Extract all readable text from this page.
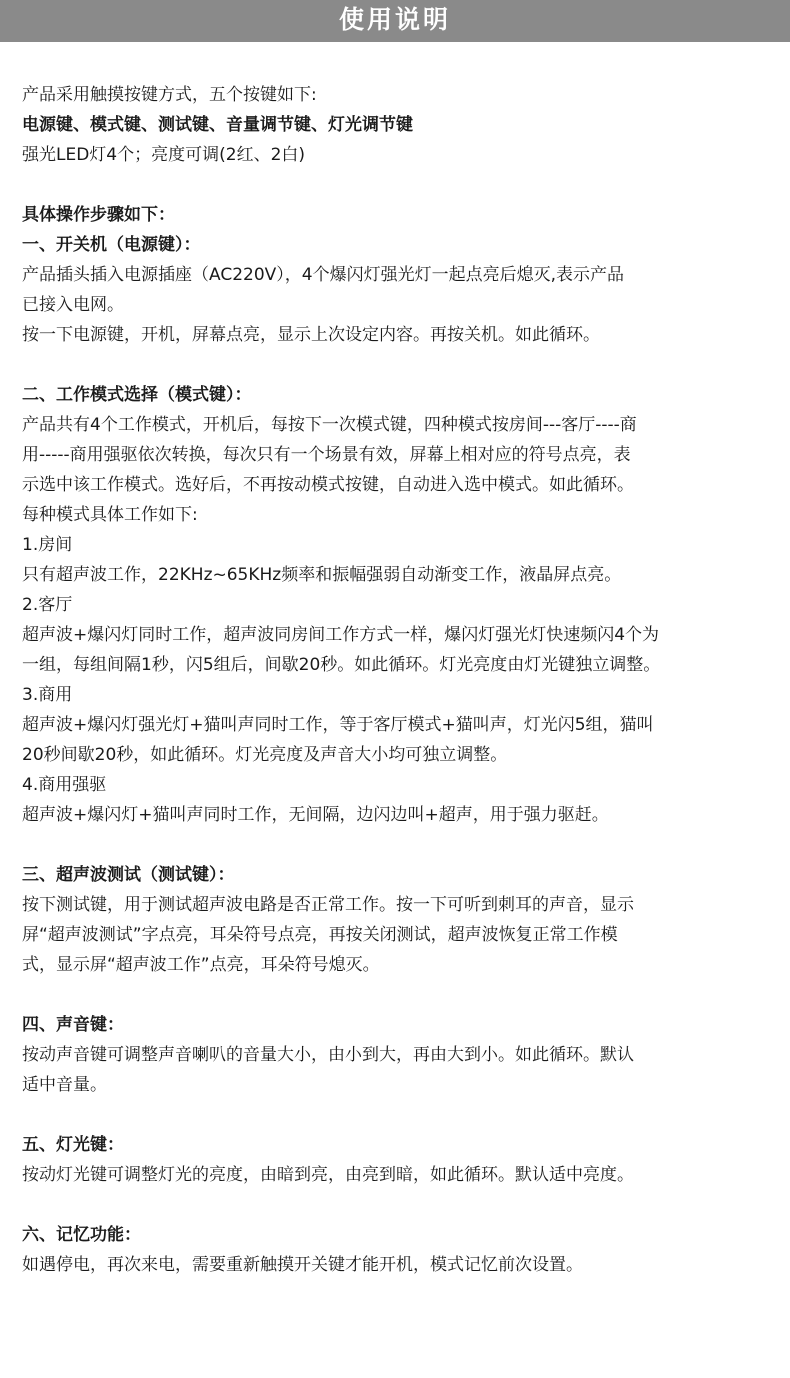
使用说明
产品采用触摸按键方式，五个按键如下:
电源键、模式键、测试键、音量调节键、灯光调节键
强光LED灯4个；亮度可调(2红、2白)
具体操作步骤如下：
一、开关机（电源键）：
产品插头插入电源插座（AC220V），4个爆闪灯强光灯一起点亮后熄灭,表示产品
已接入电网。
按一下电源键，开机，屏幕点亮，显示上次设定内容。再按关机。如此循环。
二、工作模式选择（模式键）：
产品共有4个工作模式，开机后，每按下一次模式键，四种模式按房间---客厅----商
用-----商用强驱依次转换，每次只有一个场景有效，屏幕上相对应的符号点亮，表
示选中该工作模式。选好后，不再按动模式按键，自动进入选中模式。如此循环。
每种模式具体工作如下:
1.房间
只有超声波工作，22KHz~65KHz频率和振幅强弱自动渐变工作，液晶屏点亮。
2.客厅
超声波+爆闪灯同时工作，超声波同房间工作方式一样，爆闪灯强光灯快速频闪4个为
一组，每组间隔1秒，闪5组后，间歇20秒。如此循环。灯光亮度由灯光键独立调整。
3.商用
超声波+爆闪灯强光灯+猫叫声同时工作，等于客厅模式+猫叫声，灯光闪5组，猫叫
20秒间歇20秒，如此循环。灯光亮度及声音大小均可独立调整。
4.商用强驱
超声波+爆闪灯+猫叫声同时工作，无间隔，边闪边叫+超声，用于强力驱赶。
三、超声波测试（测试键）：
按下测试键，用于测试超声波电路是否正常工作。按一下可听到刺耳的声音，显示
屏“超声波测试”字点亮，耳朵符号点亮，再按关闭测试，超声波恢复正常工作模
式，显示屏“超声波工作”点亮，耳朵符号熄灭。
四、声音键：
按动声音键可调整声音喇叭的音量大小，由小到大，再由大到小。如此循环。默认
适中音量。
五、灯光键：
按动灯光键可调整灯光的亮度，由暗到亮，由亮到暗，如此循环。默认适中亮度。
六、记忆功能：
如遇停电，再次来电，需要重新触摸开关键才能开机，模式记忆前次设置。
